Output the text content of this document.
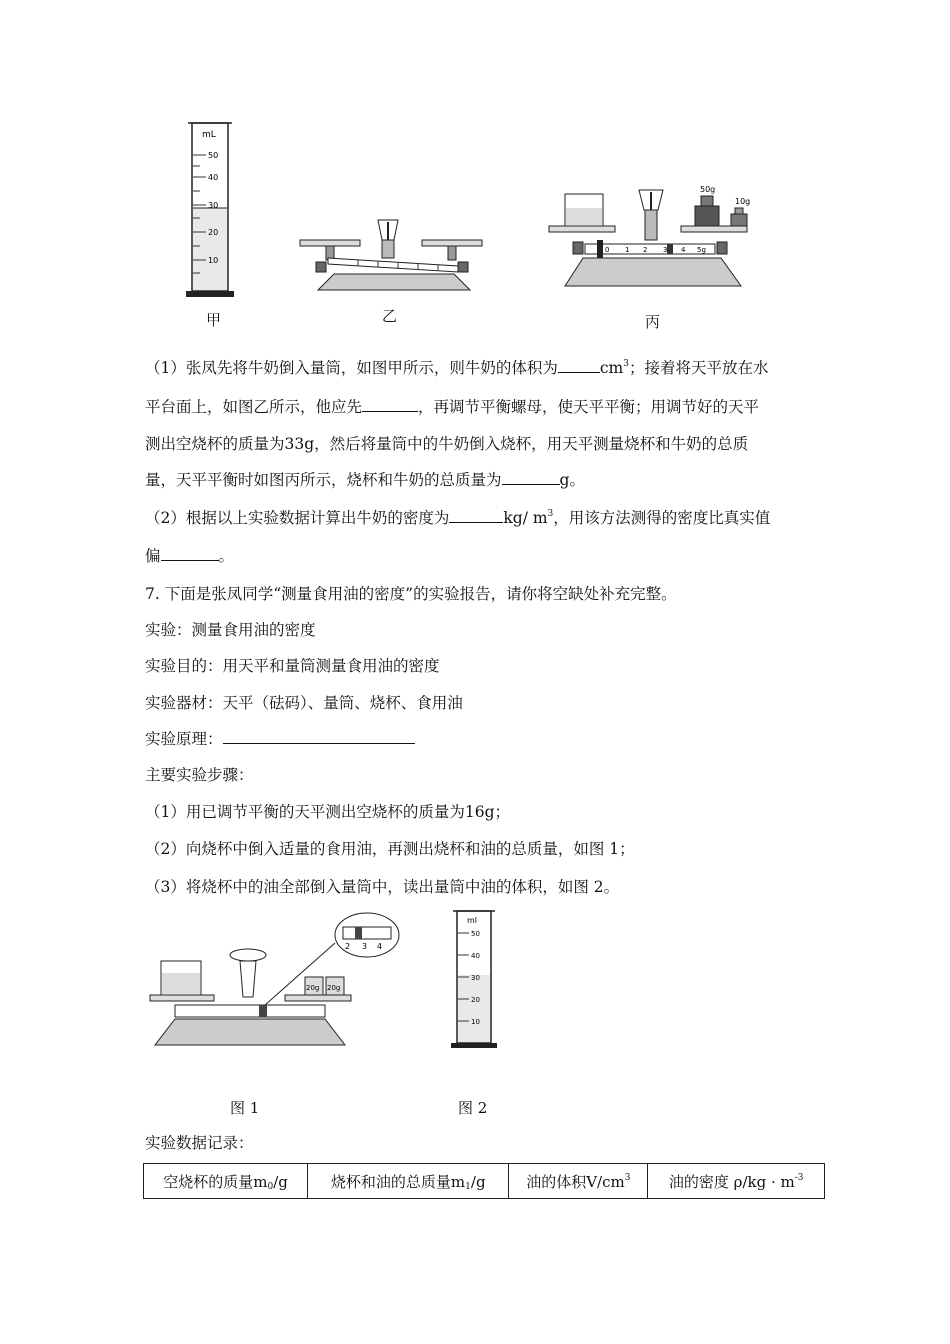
mL
50
40
30
20
10
50g
10g
0 1 2 3 4 5g
甲	乙	丙
（1）张凤先将牛奶倒入量筒，如图甲所示，则牛奶的体积为	$cm^3$；接着将天平放在水
平台面上，如图乙所示，他应先	，再调节平衡螺母，使天平平衡；用调节好的天平
测出空烧杯的质量为33g，然后将量筒中的牛奶倒入烧杯，用天平测量烧杯和牛奶的总质
量，天平平衡时如图丙所示，烧杯和牛奶的总质量为	g。
（2）根据以上实验数据计算出牛奶的密度为	kg/ $m^3$，用该方法测得的密度比真实值
偏	。
7. 下面是张凤同学“测量食用油的密度”的实验报告，请你将空缺处补充完整。
实验：测量食用油的密度
实验目的：用天平和量筒测量食用油的密度
实验器材：天平（砝码）、量筒、烧杯、食用油
实验原理：
主要实验步骤：
（1）用已调节平衡的天平测出空烧杯的质量为16g；
（2）向烧杯中倒入适量的食用油，再测出烧杯和油的总质量，如图 1；
（3）将烧杯中的油全部倒入量筒中，读出量筒中油的体积，如图 2。
2 3 4
20g 20g
ml
50
40
30
20
10
图 1	图 2
实验数据记录：
空烧杯的质量$m_0/g$	烧杯和油的总质量$m_1/g$	油的体积$V/cm^3$	油的密度 $\rho/kg \cdot m^{-3}$
